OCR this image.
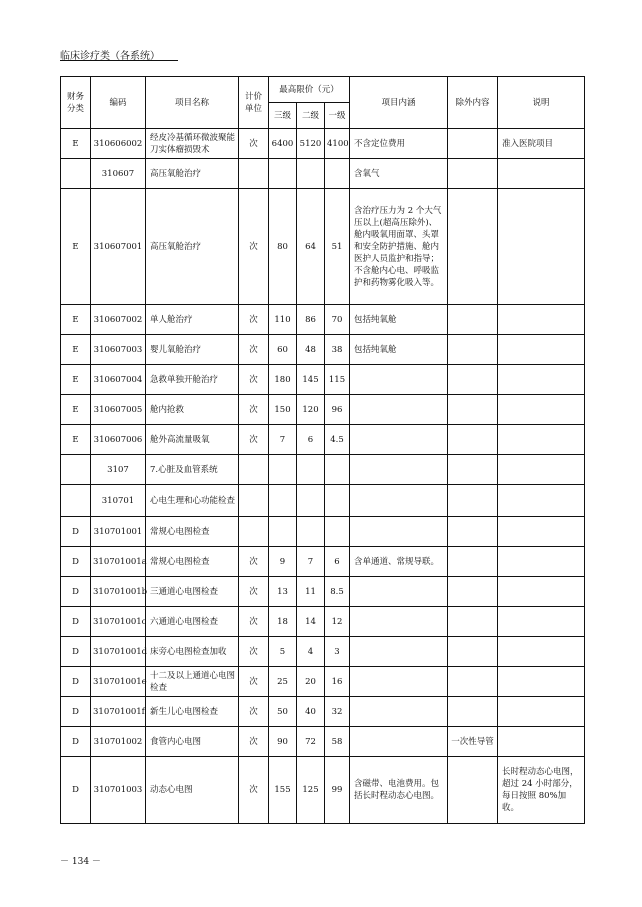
临床诊疗类（各系统）
财务分类	编码	项目名称	计价单位	最高限价（元）			项目内涵	除外内容	说明
				三级	二级	一级			
E	310606002	经皮冷基循环微波聚能刀实体瘤损毁术	次	6400	5120	4100	不含定位费用		准入医院项目
	310607	高压氧舱治疗					含氧气		
E	310607001	高压氧舱治疗	次	80	64	51	含治疗压力为 2 个大气压以上(超高压除外)、舱内吸氧用面罩、头罩和安全防护措施、舱内医护人员监护和指导；不含舱内心电、呼吸监护和药物雾化吸入等。		
E	310607002	单人舱治疗	次	110	86	70	包括纯氧舱		
E	310607003	婴儿氧舱治疗	次	60	48	38	包括纯氧舱		
E	310607004	急救单独开舱治疗	次	180	145	115			
E	310607005	舱内抢救	次	150	120	96			
E	310607006	舱外高流量吸氧	次	7	6	4.5			
	3107	7.心脏及血管系统							
	310701	心电生理和心功能检查							
D	310701001	常规心电图检查							
D	310701001a	常规心电图检查	次	9	7	6	含单通道、常规导联。		
D	310701001b	三通道心电图检查	次	13	11	8.5			
D	310701001c	六通道心电图检查	次	18	14	12			
D	310701001d	床旁心电图检查加收	次	5	4	3			
D	310701001e	十二及以上通道心电图检查	次	25	20	16			
D	310701001f	新生儿心电图检查	次	50	40	32			
D	310701002	食管内心电图	次	90	72	58		一次性导管	
D	310701003	动态心电图	次	155	125	99	含磁带、电池费用。包括长时程动态心电图。		长时程动态心电图，超过 24 小时部分，每日按照 80%加收。
－ 134 －
